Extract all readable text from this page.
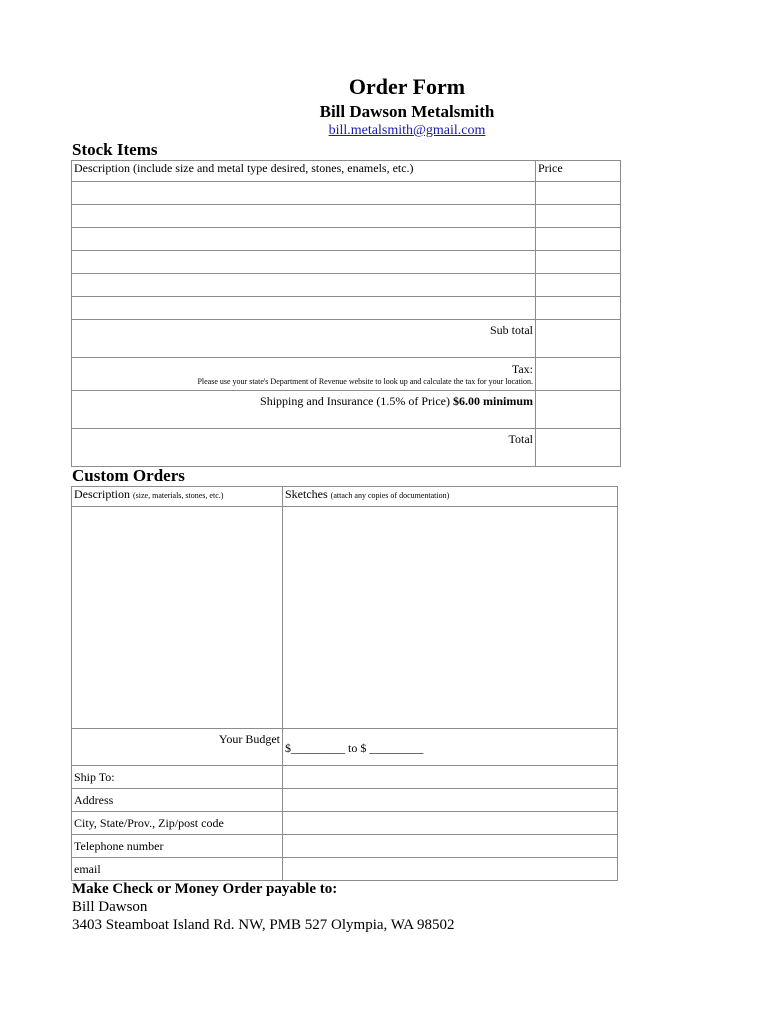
Order Form
Bill Dawson Metalsmith
bill.metalsmith@gmail.com
Stock Items
Description (include size and metal type desired, stones, enamels, etc.)	Price

Sub total	

Tax:
Please use your state's Department of Revenue website to look up and calculate the tax for your location.	

Shipping and Insurance (1.5% of Price) $6.00 minimum	
Total	
Custom Orders
Description (size, materials, stones, etc.)	Sketches (attach any copies of documentation)

Your Budget	$_________ to $ _________
Ship To:	
Address	
City, State/Prov., Zip/post code	
Telephone number	
email	
Make Check or Money Order payable to:
Bill Dawson
3403 Steamboat Island Rd. NW, PMB 527 Olympia, WA 98502
